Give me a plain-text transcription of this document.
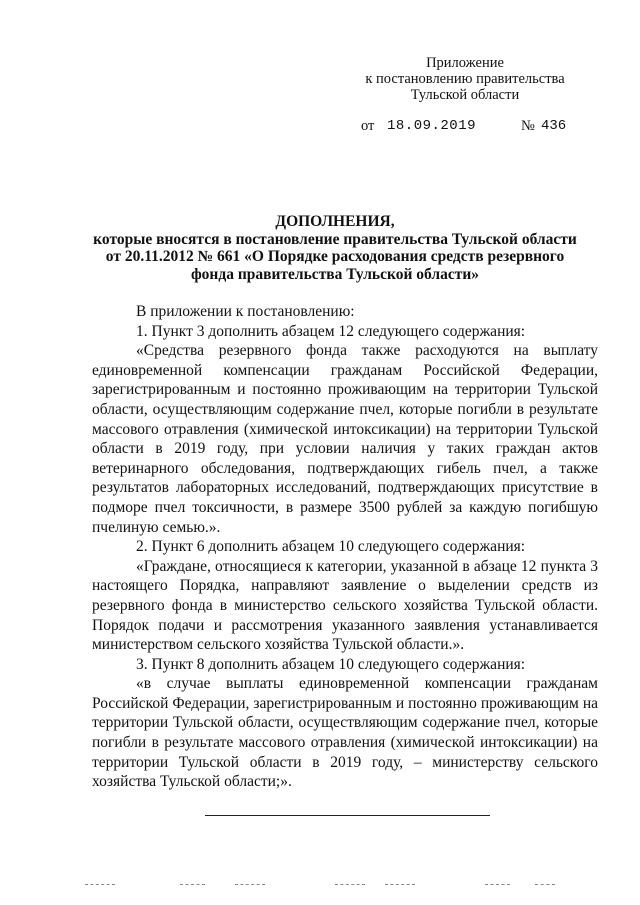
Приложение
к постановлению правительства
Тульской области
от 18.09.2019	№ 436
ДОПОЛНЕНИЯ,
которые вносятся в постановление правительства Тульской области
от 20.11.2012 № 661 «О Порядке расходования средств резервного
фонда правительства Тульской области»

В приложении к постановлению:

1. Пункт 3 дополнить абзацем 12 следующего содержания:

«Средства резервного фонда также расходуются на выплату единовременной компенсации гражданам Российской Федерации, зарегистрированным и постоянно проживающим на территории Тульской области, осуществляющим содержание пчел, которые погибли в результате массового отравления (химической интоксикации) на территории Тульской области в 2019 году, при условии наличия у таких граждан актов ветеринарного обследования, подтверждающих гибель пчел, а также результатов лабораторных исследований, подтверждающих присутствие в подморе пчел токсичности, в размере 3500 рублей за каждую погибшую пчелиную семью.».

2. Пункт 6 дополнить абзацем 10 следующего содержания:

«Граждане, относящиеся к категории, указанной в абзаце 12 пункта 3 настоящего Порядка, направляют заявление о выделении средств из резервного фонда в министерство сельского хозяйства Тульской области. Порядок подачи и рассмотрения указанного заявления устанавливается министерством сельского хозяйства Тульской области.».

3. Пункт 8 дополнить абзацем 10 следующего содержания:

«в случае выплаты единовременной компенсации гражданам Российской Федерации, зарегистрированным и постоянно проживающим на территории Тульской области, осуществляющим содержание пчел, которые погибли в результате массового отравления (химической интоксикации) на территории Тульской области в 2019 году, – министерству сельского хозяйства Тульской области;».
